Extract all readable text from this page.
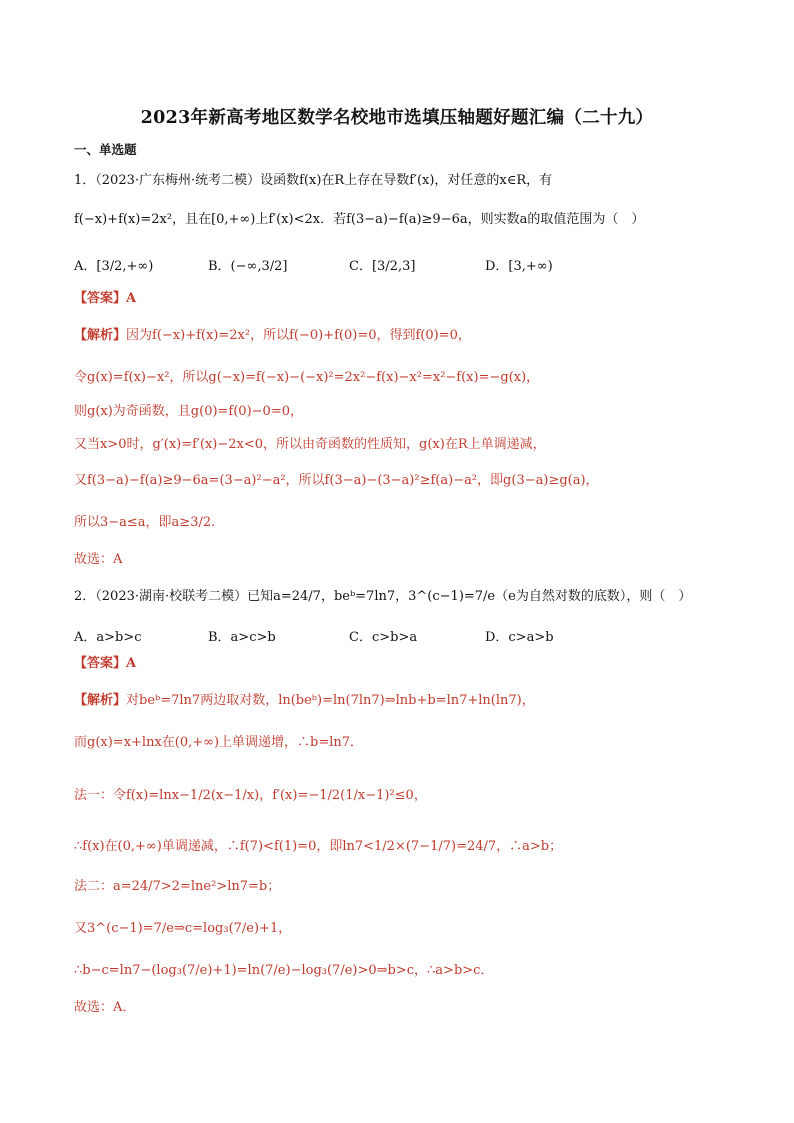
2023年新高考地区数学名校地市选填压轴题好题汇编（二十九）
一、单选题
1．（2023·广东梅州·统考二模）设函数f(x)在R上存在导数f′(x)，对任意的x∈R，有
f(−x)+f(x)=2x²，且在[0,+∞)上f′(x)<2x．若f(3−a)−f(a)≥9−6a，则实数a的取值范围为（　）
A．[3/2,+∞)	B．(−∞,3/2]	C．[3/2,3]	D．[3,+∞)
【答案】A
【解析】因为f(−x)+f(x)=2x²，所以f(−0)+f(0)=0，得到f(0)=0，
令g(x)=f(x)−x²，所以g(−x)=f(−x)−(−x)²=2x²−f(x)−x²=x²−f(x)=−g(x)，
则g(x)为奇函数，且g(0)=f(0)−0=0，
又当x>0时，g′(x)=f′(x)−2x<0，所以由奇函数的性质知，g(x)在R上单调递减，
又f(3−a)−f(a)≥9−6a=(3−a)²−a²，所以f(3−a)−(3−a)²≥f(a)−a²，即g(3−a)≥g(a)，
所以3−a≤a，即a≥3/2.
故选：A
2．（2023·湖南·校联考二模）已知a=24/7，beᵇ=7ln7，3^(c−1)=7/e（e为自然对数的底数），则（　）
A．a>b>c	B．a>c>b	C．c>b>a	D．c>a>b
【答案】A
【解析】对beᵇ=7ln7两边取对数，ln(beᵇ)=ln(7ln7)⇒lnb+b=ln7+ln(ln7)，
而g(x)=x+lnx在(0,+∞)上单调递增，∴b=ln7．
法一：令f(x)=lnx−1/2(x−1/x)，f′(x)=−1/2(1/x−1)²≤0，
∴f(x)在(0,+∞)单调递减，∴f(7)<f(1)=0，即ln7<1/2×(7−1/7)=24/7，∴a>b；
法二：a=24/7>2=lne²>ln7=b；
又3^(c−1)=7/e⇒c=log₃(7/e)+1，
∴b−c=ln7−(log₃(7/e)+1)=ln(7/e)−log₃(7/e)>0⇒b>c，∴a>b>c．
故选：A．
